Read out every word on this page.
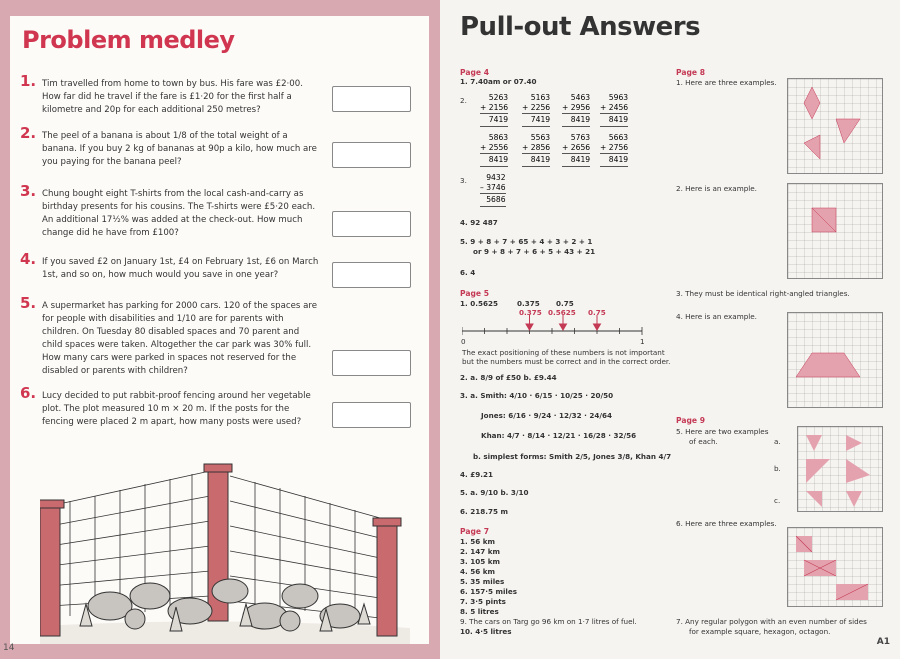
Problem medley
1. Tim travelled from home to town by bus. His fare was £2·00. How far did he travel if the fare is £1·20 for the first half a kilometre and 20p for each additional 250 metres?
2. The peel of a banana is about 1/8 of the total weight of a banana. If you buy 2 kg of bananas at 90p a kilo, how much are you paying for the banana peel?
3. Chung bought eight T-shirts from the local cash-and-carry as birthday presents for his cousins. The T-shirts were £5·20 each. An additional 17½% was added at the check-out. How much change did he have from £100?
4. If you saved £2 on January 1st, £4 on February 1st, £6 on March 1st, and so on, how much would you save in one year?
5. A supermarket has parking for 2000 cars. 120 of the spaces are for people with disabilities and 1/10 are for parents with children. On Tuesday 80 disabled spaces and 70 parent and child spaces were taken. Altogether the car park was 30% full. How many cars were parked in spaces not reserved for the disabled or parents with children?
6. Lucy decided to put rabbit-proof fencing around her vegetable plot. The plot measured 10 m × 20 m. If the posts for the fencing were placed 2 m apart, how many posts were used?
14
Pull-out Answers
Page 4
1. 7.40am or 07.40
2.	5263
+ 2156
7419
5163
+ 2256
7419
5463
+ 2956
8419
5963
+ 2456
8419
5863
+ 2556
8419
5563
+ 2856
8419
5763
+ 2656
8419
5663
+ 2756
8419
3.	9432
– 3746
5686
4. 92 487
5. 9 + 8 + 7 + 65 + 4 + 3 + 2 + 1
or 9 + 8 + 7 + 6 + 5 + 43 + 21
6. 4
Page 5
1. 0.5625	0.375 0.75
0.375 0.5625 0.75
0	1
The exact positioning of these numbers is not important
but the numbers must be correct and in the correct order.
2. a. 8/9 of £50 b. £9.44
3. a. Smith: 4/10 · 6/15 · 10/25 · 20/50
Jones: 6/16 · 9/24 · 12/32 · 24/64
Khan: 4/7 · 8/14 · 12/21 · 16/28 · 32/56
b. simplest forms: Smith 2/5, Jones 3/8, Khan 4/7
4. £9.21
5. a. 9/10 b. 3/10
6. 218.75 m
Page 7
1. 56 km
2. 147 km
3. 105 km
4. 56 km
5. 35 miles
6. 157·5 miles
7. 3·5 pints
8. 5 litres
9. The cars on Targ go 96 km on 1·7 litres of fuel.
10. 4·5 litres
Page 8
1. Here are three examples.
2. Here is an example.
3. They must be identical right-angled triangles.
4. Here is an example.
Page 9
5. Here are two examples
of each.	a.
b.
c.
6. Here are three examples.
7. Any regular polygon with an even number of sides
for example square, hexagon, octagon.
A1
